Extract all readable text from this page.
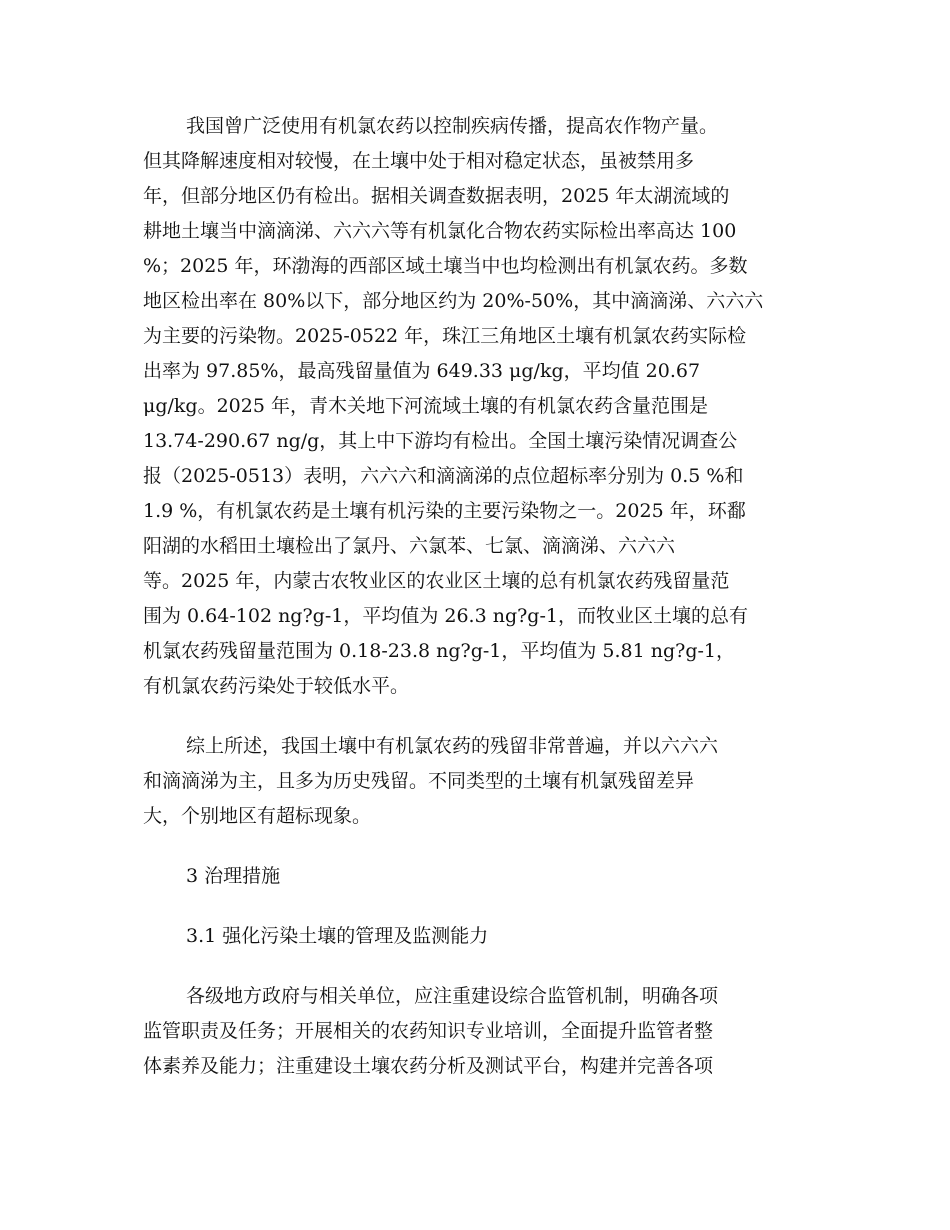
我国曾广泛使用有机氯农药以控制疾病传播，提高农作物产量。
但其降解速度相对较慢，在土壤中处于相对稳定状态，虽被禁用多
年，但部分地区仍有检出。据相关调查数据表明，2025 年太湖流域的
耕地土壤当中滴滴涕、六六六等有机氯化合物农药实际检出率高达 100
%；2025 年，环渤海的西部区域土壤当中也均检测出有机氯农药。多数
地区检出率在 80%以下，部分地区约为 20%-50%，其中滴滴涕、六六六
为主要的污染物。2025-0522 年，珠江三角地区土壤有机氯农药实际检
出率为 97.85%，最高残留量值为 649.33 μg/kg，平均值 20.67
μg/kg。2025 年，青木关地下河流域土壤的有机氯农药含量范围是
13.74-290.67 ng/g，其上中下游均有检出。全国土壤污染情况调查公
报（2025-0513）表明，六六六和滴滴涕的点位超标率分别为 0.5 %和
1.9 %，有机氯农药是土壤有机污染的主要污染物之一。2025 年，环鄱
阳湖的水稻田土壤检出了氯丹、六氯苯、七氯、滴滴涕、六六六
等。2025 年，内蒙古农牧业区的农业区土壤的总有机氯农药残留量范
围为 0.64-102 ng?g-1，平均值为 26.3 ng?g-1，而牧业区土壤的总有
机氯农药残留量范围为 0.18-23.8 ng?g-1，平均值为 5.81 ng?g-1，
有机氯农药污染处于较低水平。
综上所述，我国土壤中有机氯农药的残留非常普遍，并以六六六
和滴滴涕为主，且多为历史残留。不同类型的土壤有机氯残留差异
大，个别地区有超标现象。
3 治理措施
3.1 强化污染土壤的管理及监测能力
各级地方政府与相关单位，应注重建设综合监管机制，明确各项
监管职责及任务；开展相关的农药知识专业培训，全面提升监管者整
体素养及能力；注重建设土壤农药分析及测试平台，构建并完善各项
